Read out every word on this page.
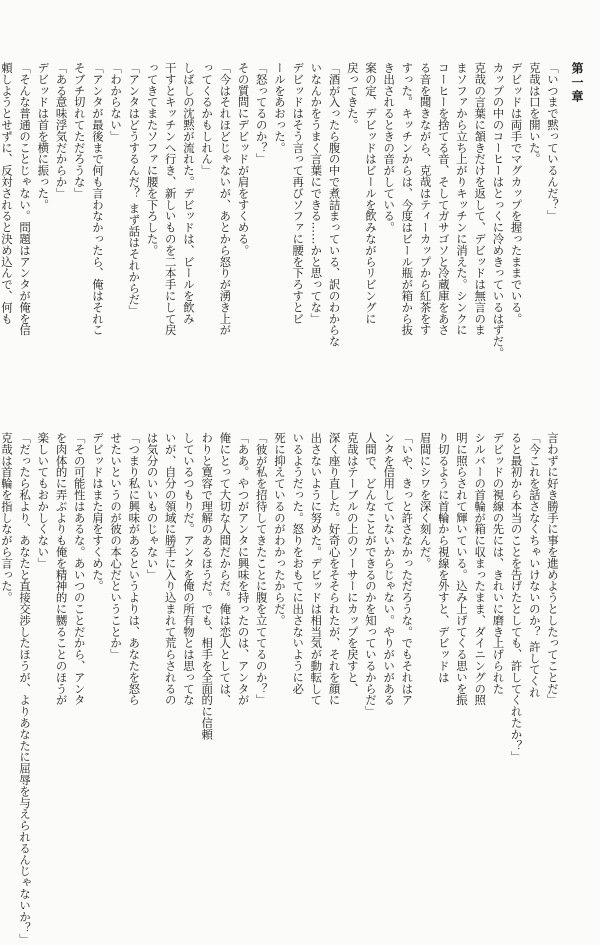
第一章
「いつまで黙っているんだ？」
克哉は口を開いた。
デビッドは両手でマグカップを握ったままでいる。
カップの中のコーヒーはとっくに冷めきっているはずだ。
克哉の言葉に頷きだけを返して、デビッドは無言のま
まソファから立ち上がりキッチンに消えた。シンクに
コーヒーを捨てる音、そしてガサゴソと冷蔵庫をあさ
る音を聞きながら、克哉はティーカップから紅茶をす
すった。キッチンからは、今度はビール瓶が箱から抜
き出されるときの音がしている。
案の定、デビッドはビールを飲みながらリビングに
戻ってきた。
「酒が入ったら腹の中で煮詰まっている、訳のわからな
いなんかをうまく言葉にできる……かと思ってな」
デビッドはそう言って再びソファに腰を下ろすとビ
ールをあおった。
「怒ってるのか？」
その質問にデビッドが肩をすくめる。
「今はそれほどじゃないが、あとから怒りが湧き上が
ってくるかもしれん」
しばしの沈黙が流れた。デビッドは、ビールを飲み
干すとキッチンへ行き、新しいものを二本手にして戻
ってきてまたソファに腰を下ろした。
「アンタはどうするんだ？ まず話はそれからだ」
「わからない」
「アンタが最後まで何も言わなかったら、俺はそれこ
そブチ切れてただろうな」
「ある意味浮気だからか」
デビッドは首を横に振った。
「そんな普通のことじゃない。問題はアンタが俺を信
頼しようとせずに、反対されると決め込んで、何も
言わずに好き勝手に事を進めようとしたってことだ」
「今これを話さなくちゃいけないのか？ 許してくれ
ると最初から本当のことを告げたとしても、許してくれたか？」
デビッドの視線の先には、きれいに磨き上げられた
シルバーの首輪が箱に収まったまま、ダイニングの照
明に照らされて輝いている。込み上げてくる思いを振
り切るように首輪から視線を外すと、デビッドは
眉間にシワを深く刻んだ。
「いや、きっと許さなかっただろうな。でもそれはア
ンタを信用していないからじゃない。やりがいがある
人間で、どんなことができるのかを知っているからだ」
克哉はテーブルの上のソーサーにカップを戻すと、
深く座り直した。好奇心をそそられたが、それを顔に
出さないように努めた。デビッドは相当気が動転して
いるようだった。怒りをおもてに出さないように必
死に抑えているのがわかったからだ。
「彼が私を招待してきたことに腹を立ててるのか？」
「ああ。やつがアンタに興味を持ったのは、アンタが
俺にとって大切な人間だからだ。俺は恋人としては、
わりと寛容で理解のあるほうだ。でも、相手を全面的に信頼
しているつもりだ。アンタを俺の所有物とは思ってな
いが、自分の領域に勝手に入り込まれて荒らされるの
は気分のいいものじゃない」
「つまり私に興味があるというよりは、あなたを怒ら
せたいというのが彼の本心だということか」
デビッドはまた肩をすくめた。
「その可能性はあるな。あいつのことだから、アンタ
を肉体的に弄ぶよりも俺を精神的に嬲ることのほうが
楽しいてもおかしくない」
「だったら私より、あなたと直接交渉したほうが、よりあなたに屈辱を与えられるんじゃないか？」
克哉は首輪を指しながら言った。
